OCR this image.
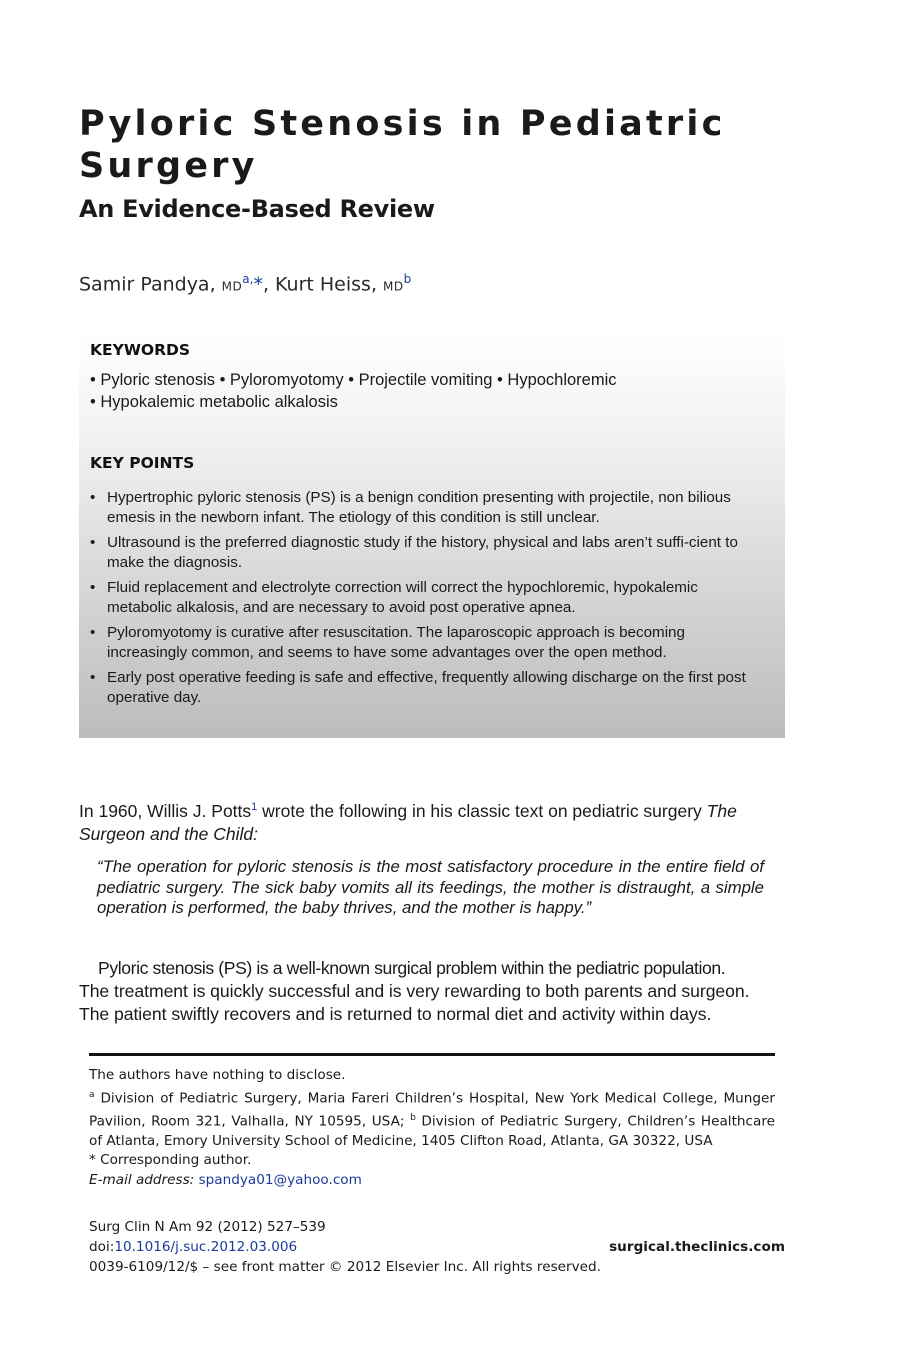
Pyloric Stenosis in Pediatric
Surgery
An Evidence-Based Review
Samir Pandya, $MD^{a,}*$, Kurt Heiss, $MD^b$
KEYWORDS
• Pyloric stenosis • Pyloromyotomy • Projectile vomiting • Hypochloremic
• Hypokalemic metabolic alkalosis
KEY POINTS
• Hypertrophic pyloric stenosis (PS) is a benign condition presenting with projectile, non bilious emesis in the newborn infant. The etiology of this condition is still unclear.
• Ultrasound is the preferred diagnostic study if the history, physical and labs aren’t suffi-cient to make the diagnosis.
• Fluid replacement and electrolyte correction will correct the hypochloremic, hypokalemic metabolic alkalosis, and are necessary to avoid post operative apnea.
• Pyloromyotomy is curative after resuscitation. The laparoscopic approach is becoming increasingly common, and seems to have some advantages over the open method.
• Early post operative feeding is safe and effective, frequently allowing discharge on the first post operative day.

In 1960, Willis J. Potts$^1$ wrote the following in his classic text on pediatric surgery The Surgeon and the Child:

“The operation for pyloric stenosis is the most satisfactory procedure in the entire field of pediatric surgery. The sick baby vomits all its feedings, the mother is distraught, a simple operation is performed, the baby thrives, and the mother is happy.”

Pyloric stenosis (PS) is a well-known surgical problem within the pediatric population.
The treatment is quickly successful and is very rewarding to both parents and surgeon.
The patient swiftly recovers and is returned to normal diet and activity within days.
The authors have nothing to disclose.
$^a$ Division of Pediatric Surgery, Maria Fareri Children’s Hospital, New York Medical College, Munger Pavilion, Room 321, Valhalla, NY 10595, USA; $^b$ Division of Pediatric Surgery, Children’s Healthcare of Atlanta, Emory University School of Medicine, 1405 Clifton Road, Atlanta, GA 30322, USA
* Corresponding author.
E-mail address: spandya01@yahoo.com
Surg Clin N Am 92 (2012) 527–539
doi:10.1016/j.suc.2012.03.006	surgical.theclinics.com
0039-6109/12/$ – see front matter © 2012 Elsevier Inc. All rights reserved.
